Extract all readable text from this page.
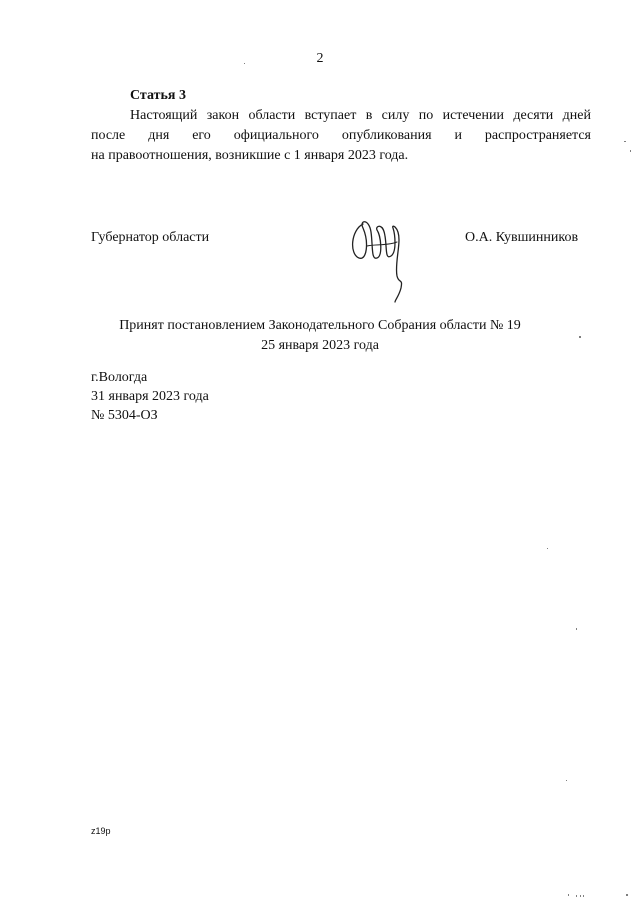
2
Статья 3
Настоящий закон области вступает в силу по истечении десяти дней
после дня его официального опубликования и распространяется
на правоотношения, возникшие с 1 января 2023 года.
Губернатор области	О.А. Кувшинников
Принят постановлением Законодательного Собрания области № 19
25 января 2023 года
г.Вологда
31 января 2023 года
№ 5304-ОЗ
z19p
